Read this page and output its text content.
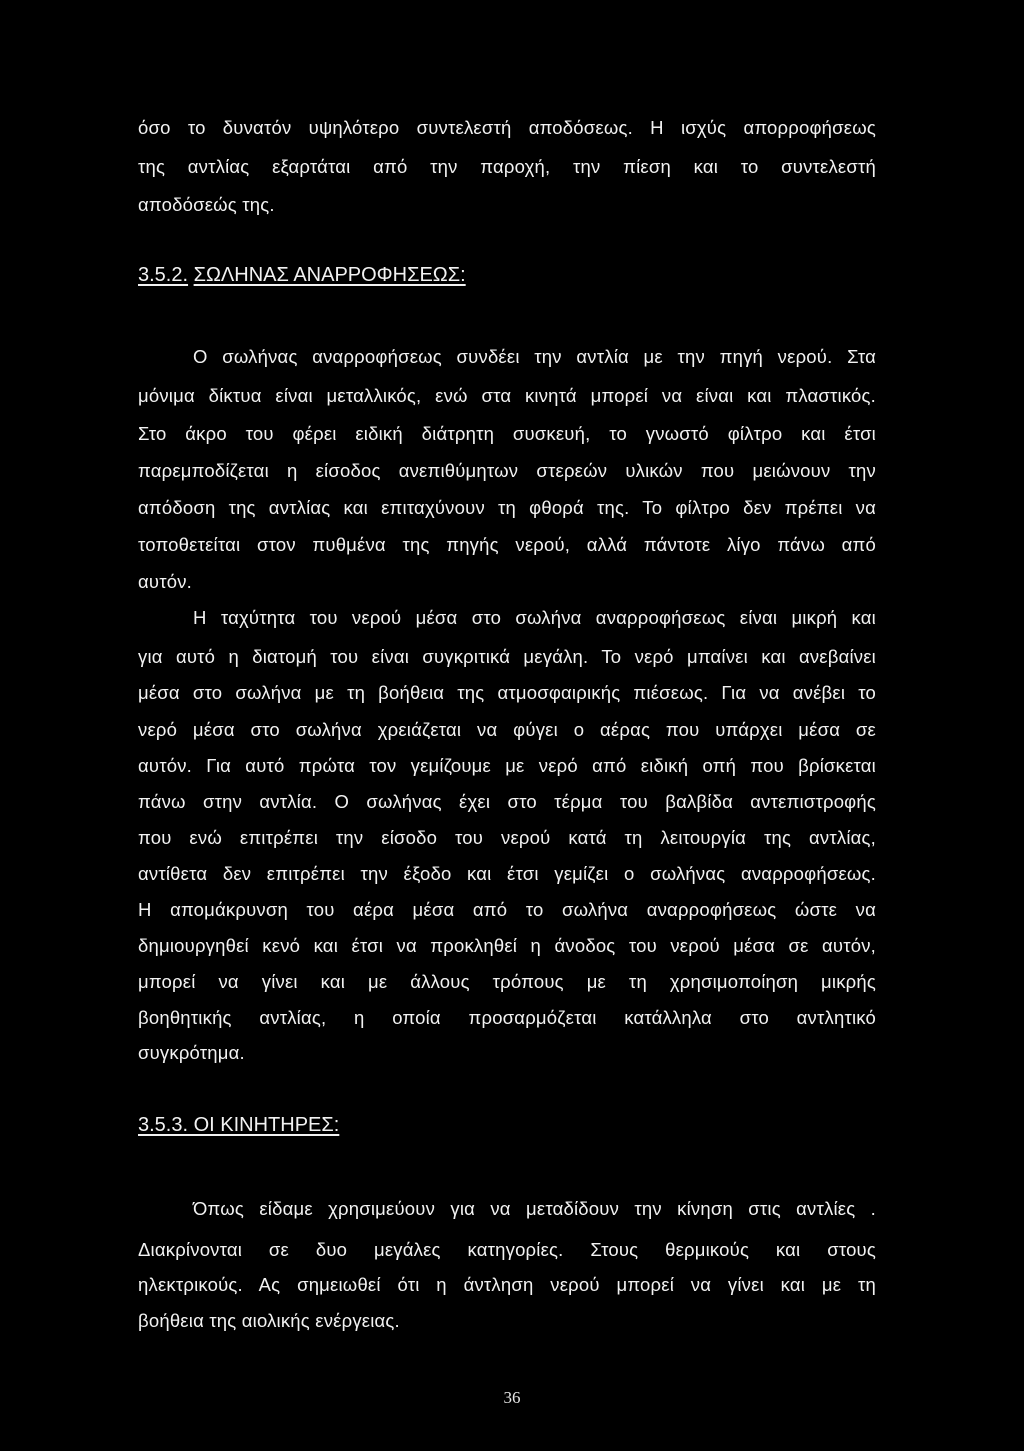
όσο το δυνατόν υψηλότερο συντελεστή αποδόσεως. Η ισχύς απορροφήσεως
της αντλίας εξαρτάται από την παροχή, την πίεση και το συντελεστή
αποδόσεώς της.
3.5.2. ΣΩΛΗΝΑΣ ΑΝΑΡΡΟΦΗΣΕΩΣ:
Ο σωλήνας αναρροφήσεως συνδέει την αντλία με την πηγή νερού. Στα
μόνιμα δίκτυα είναι μεταλλικός, ενώ στα κινητά μπορεί να είναι και πλαστικός.
Στο άκρο του φέρει ειδική διάτρητη συσκευή, το γνωστό φίλτρο και έτσι
παρεμποδίζεται η είσοδος ανεπιθύμητων στερεών υλικών που μειώνουν την
απόδοση της αντλίας και επιταχύνουν τη φθορά της. Το φίλτρο δεν πρέπει να
τοποθετείται στον πυθμένα της πηγής νερού, αλλά πάντοτε λίγο πάνω από
αυτόν.
Η ταχύτητα του νερού μέσα στο σωλήνα αναρροφήσεως είναι μικρή και
για αυτό η διατομή του είναι συγκριτικά μεγάλη. Το νερό μπαίνει και ανεβαίνει
μέσα στο σωλήνα με τη βοήθεια της ατμοσφαιρικής πιέσεως. Για να ανέβει το
νερό μέσα στο σωλήνα χρειάζεται να φύγει ο αέρας που υπάρχει μέσα σε
αυτόν. Για αυτό πρώτα τον γεμίζουμε με νερό από ειδική οπή που βρίσκεται
πάνω στην αντλία. Ο σωλήνας έχει στο τέρμα του βαλβίδα αντεπιστροφής
που ενώ επιτρέπει την είσοδο του νερού κατά τη λειτουργία της αντλίας,
αντίθετα δεν επιτρέπει την έξοδο και έτσι γεμίζει ο σωλήνας αναρροφήσεως.
Η απομάκρυνση του αέρα μέσα από το σωλήνα αναρροφήσεως ώστε να
δημιουργηθεί κενό και έτσι να προκληθεί η άνοδος του νερού μέσα σε αυτόν,
μπορεί να γίνει και με άλλους τρόπους με τη χρησιμοποίηση μικρής
βοηθητικής αντλίας, η οποία προσαρμόζεται κατάλληλα στο αντλητικό
συγκρότημα.
3.5.3. ΟΙ ΚΙΝΗΤΗΡΕΣ:
Όπως είδαμε χρησιμεύουν για να μεταδίδουν την κίνηση στις αντλίες .
Διακρίνονται σε δυο μεγάλες κατηγορίες. Στους θερμικούς και στους
ηλεκτρικούς. Ας σημειωθεί ότι η άντληση νερού μπορεί να γίνει και με τη
βοήθεια της αιολικής ενέργειας.
36
